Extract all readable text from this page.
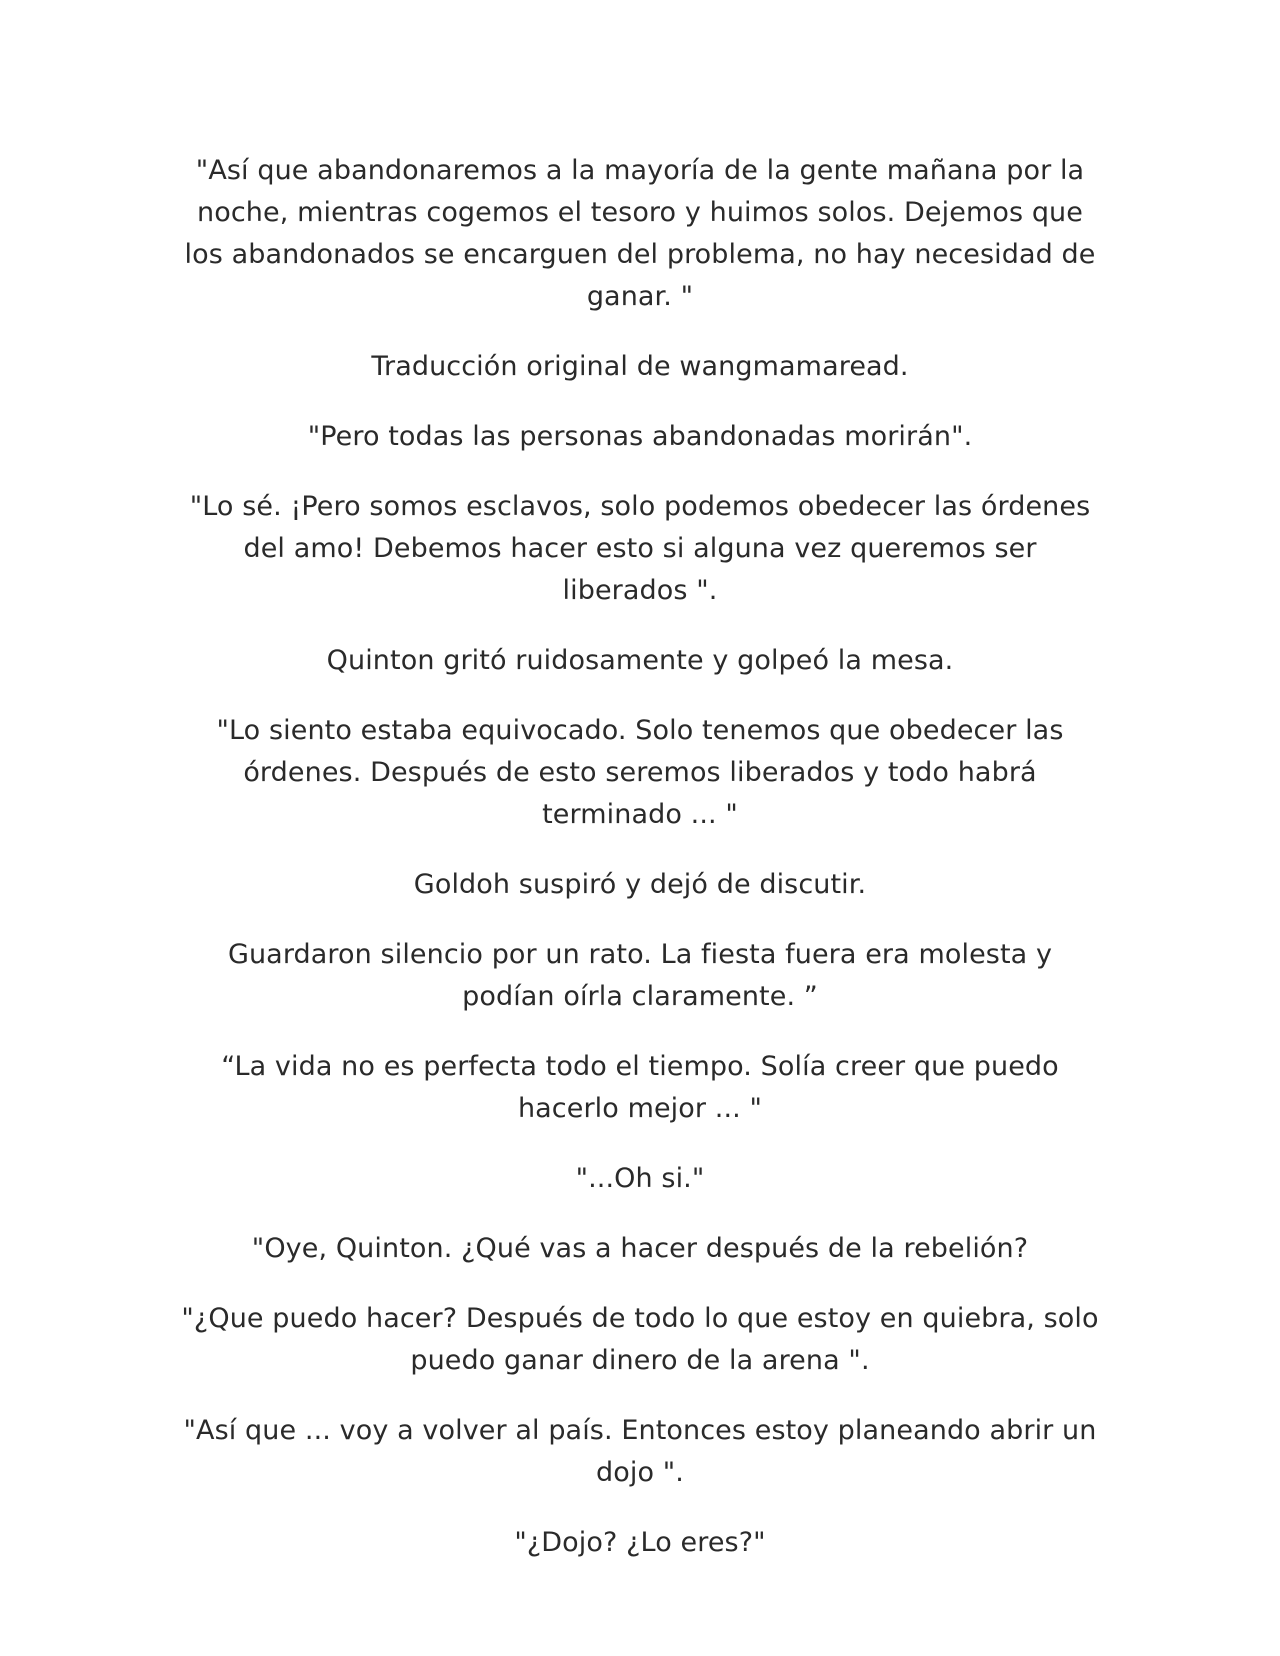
"Así que abandonaremos a la mayoría de la gente mañana por la noche, mientras cogemos el tesoro y huimos solos. Dejemos que los abandonados se encarguen del problema, no hay necesidad de ganar. "

Traducción original de wangmamaread.

"Pero todas las personas abandonadas morirán".

"Lo sé. ¡Pero somos esclavos, solo podemos obedecer las órdenes del amo! Debemos hacer esto si alguna vez queremos ser liberados ".

Quinton gritó ruidosamente y golpeó la mesa.

"Lo siento estaba equivocado. Solo tenemos que obedecer las órdenes. Después de esto seremos liberados y todo habrá terminado ... "

Goldoh suspiró y dejó de discutir.

Guardaron silencio por un rato. La fiesta fuera era molesta y podían oírla claramente. ”

“La vida no es perfecta todo el tiempo. Solía creer que puedo hacerlo mejor ... "

"...Oh si."

"Oye, Quinton. ¿Qué vas a hacer después de la rebelión?

"¿Que puedo hacer? Después de todo lo que estoy en quiebra, solo puedo ganar dinero de la arena ".

"Así que ... voy a volver al país. Entonces estoy planeando abrir un dojo ".

"¿Dojo? ¿Lo eres?"
